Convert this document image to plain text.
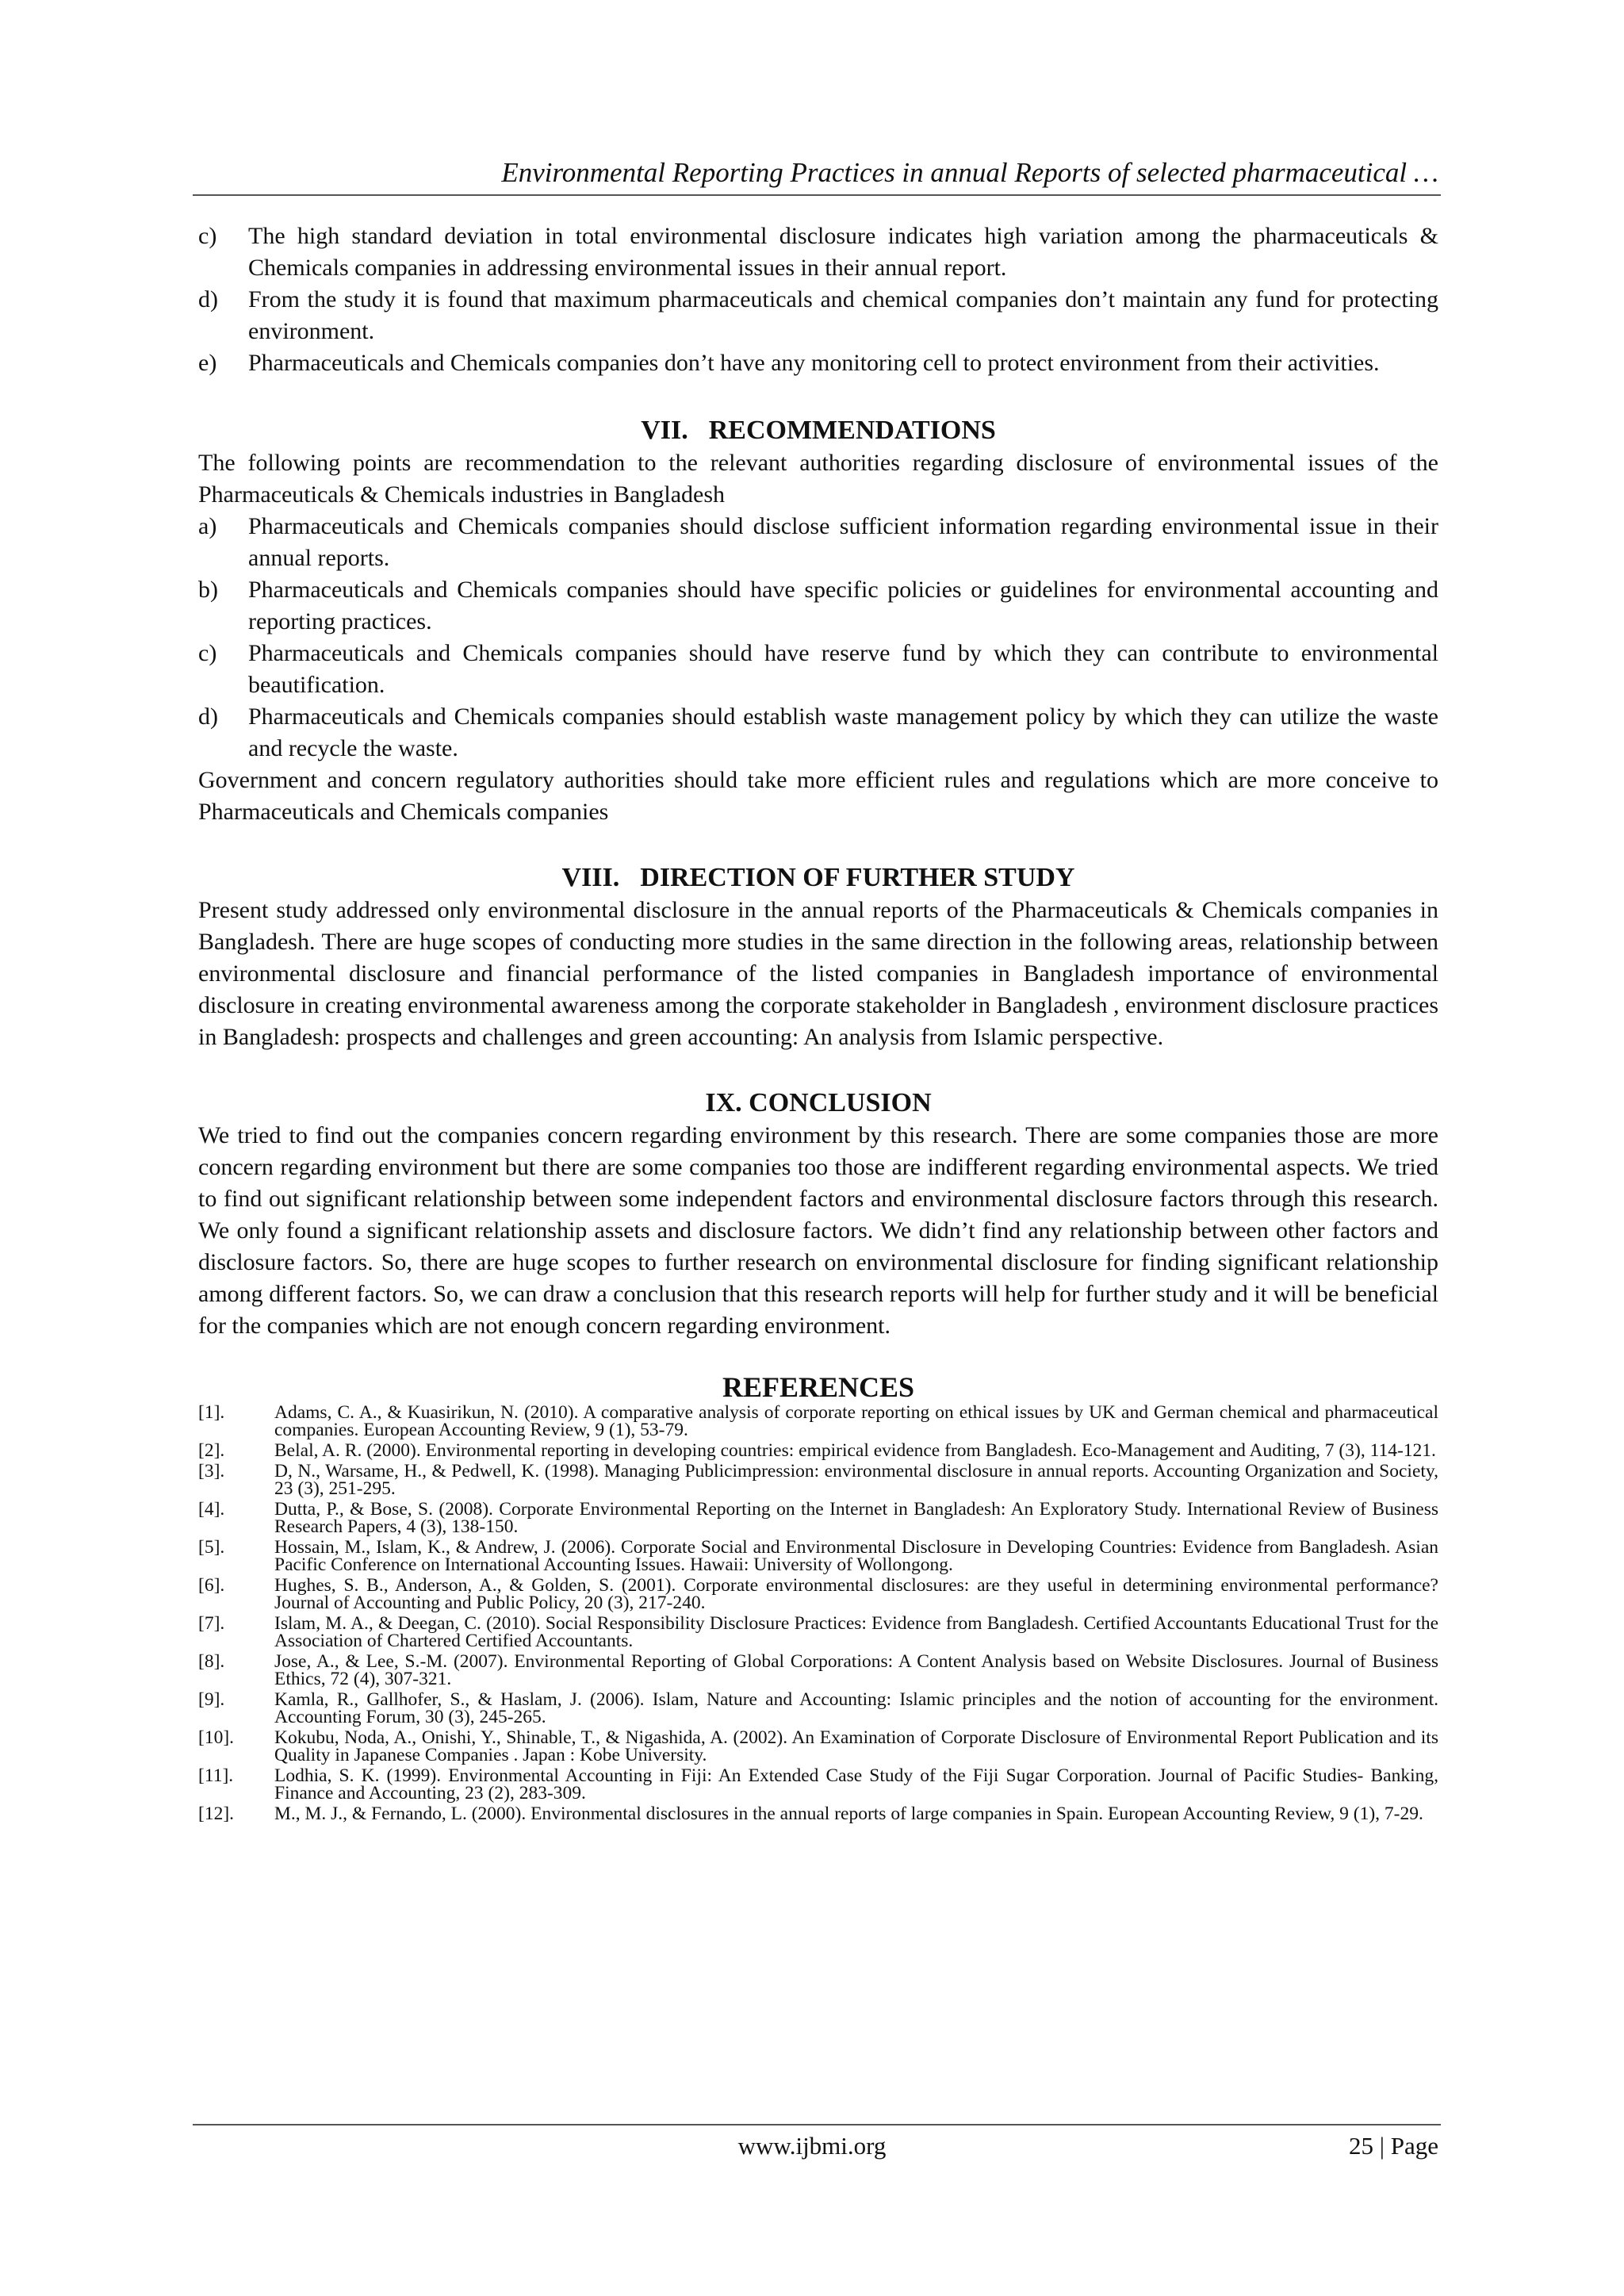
Environmental Reporting Practices in annual Reports of selected pharmaceutical …
c) The high standard deviation in total environmental disclosure indicates high variation among the pharmaceuticals & Chemicals companies in addressing environmental issues in their annual report.
d) From the study it is found that maximum pharmaceuticals and chemical companies don’t maintain any fund for protecting environment.
e) Pharmaceuticals and Chemicals companies don’t have any monitoring cell to protect environment from their activities.
VII. RECOMMENDATIONS

The following points are recommendation to the relevant authorities regarding disclosure of environmental issues of the Pharmaceuticals & Chemicals industries in Bangladesh

a) Pharmaceuticals and Chemicals companies should disclose sufficient information regarding environmental issue in their annual reports.
b) Pharmaceuticals and Chemicals companies should have specific policies or guidelines for environmental accounting and reporting practices.
c) Pharmaceuticals and Chemicals companies should have reserve fund by which they can contribute to environmental beautification.
d) Pharmaceuticals and Chemicals companies should establish waste management policy by which they can utilize the waste and recycle the waste.

Government and concern regulatory authorities should take more efficient rules and regulations which are more conceive to Pharmaceuticals and Chemicals companies

VIII. DIRECTION OF FURTHER STUDY

Present study addressed only environmental disclosure in the annual reports of the Pharmaceuticals & Chemicals companies in Bangladesh. There are huge scopes of conducting more studies in the same direction in the following areas, relationship between environmental disclosure and financial performance of the listed companies in Bangladesh importance of environmental disclosure in creating environmental awareness among the corporate stakeholder in Bangladesh , environment disclosure practices in Bangladesh: prospects and challenges and green accounting: An analysis from Islamic perspective.

IX. CONCLUSION

We tried to find out the companies concern regarding environment by this research. There are some companies those are more concern regarding environment but there are some companies too those are indifferent regarding environmental aspects. We tried to find out significant relationship between some independent factors and environmental disclosure factors through this research. We only found a significant relationship assets and disclosure factors. We didn’t find any relationship between other factors and disclosure factors. So, there are huge scopes to further research on environmental disclosure for finding significant relationship among different factors. So, we can draw a conclusion that this research reports will help for further study and it will be beneficial for the companies which are not enough concern regarding environment.

REFERENCES
[1].	Adams, C. A., & Kuasirikun, N. (2010). A comparative analysis of corporate reporting on ethical issues by UK and German chemical and pharmaceutical companies. European Accounting Review, 9 (1), 53-79.
[2].	Belal, A. R. (2000). Environmental reporting in developing countries: empirical evidence from Bangladesh. Eco-Management and Auditing, 7 (3), 114-121.
[3].	D, N., Warsame, H., & Pedwell, K. (1998). Managing Publicimpression: environmental disclosure in annual reports. Accounting Organization and Society, 23 (3), 251-295.
[4].	Dutta, P., & Bose, S. (2008). Corporate Environmental Reporting on the Internet in Bangladesh: An Exploratory Study. International Review of Business Research Papers, 4 (3), 138-150.
[5].	Hossain, M., Islam, K., & Andrew, J. (2006). Corporate Social and Environmental Disclosure in Developing Countries: Evidence from Bangladesh. Asian Pacific Conference on International Accounting Issues. Hawaii: University of Wollongong.
[6].	Hughes, S. B., Anderson, A., & Golden, S. (2001). Corporate environmental disclosures: are they useful in determining environmental performance? Journal of Accounting and Public Policy, 20 (3), 217-240.
[7].	Islam, M. A., & Deegan, C. (2010). Social Responsibility Disclosure Practices: Evidence from Bangladesh. Certified Accountants Educational Trust for the Association of Chartered Certified Accountants.
[8].	Jose, A., & Lee, S.-M. (2007). Environmental Reporting of Global Corporations: A Content Analysis based on Website Disclosures. Journal of Business Ethics, 72 (4), 307-321.
[9].	Kamla, R., Gallhofer, S., & Haslam, J. (2006). Islam, Nature and Accounting: Islamic principles and the notion of accounting for the environment. Accounting Forum, 30 (3), 245-265.
[10]. Kokubu, Noda, A., Onishi, Y., Shinable, T., & Nigashida, A. (2002). An Examination of Corporate Disclosure of Environmental Report Publication and its Quality in Japanese Companies . Japan : Kobe University.
[11]. Lodhia, S. K. (1999). Environmental Accounting in Fiji: An Extended Case Study of the Fiji Sugar Corporation. Journal of Pacific Studies- Banking, Finance and Accounting, 23 (2), 283-309.
[12]. M., M. J., & Fernando, L. (2000). Environmental disclosures in the annual reports of large companies in Spain. European Accounting Review, 9 (1), 7-29.
www.ijbmi.org	25 | Page
